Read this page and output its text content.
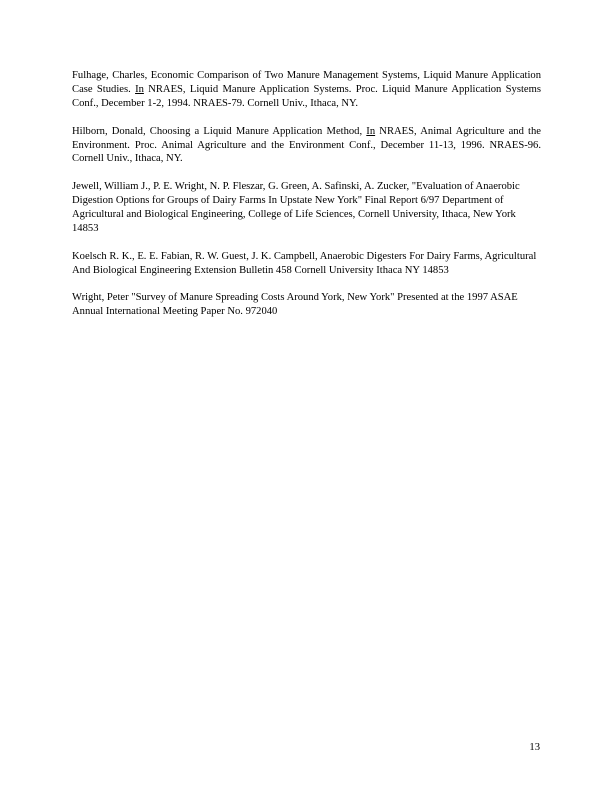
Fulhage, Charles, Economic Comparison of Two Manure Management Systems, Liquid Manure Application Case Studies. In NRAES, Liquid Manure Application Systems. Proc. Liquid Manure Application Systems Conf., December 1-2, 1994. NRAES-79. Cornell Univ., Ithaca, NY.

Hilborn, Donald, Choosing a Liquid Manure Application Method, In NRAES, Animal Agriculture and the Environment. Proc. Animal Agriculture and the Environment Conf., December 11-13, 1996. NRAES-96. Cornell Univ., Ithaca, NY.

Jewell, William J., P. E. Wright, N. P. Fleszar, G. Green, A. Safinski, A. Zucker, "Evaluation of Anaerobic Digestion Options for Groups of Dairy Farms In Upstate New York" Final Report 6/97 Department of Agricultural and Biological Engineering, College of Life Sciences, Cornell University, Ithaca, New York 14853

Koelsch R. K., E. E. Fabian, R. W. Guest, J. K. Campbell, Anaerobic Digesters For Dairy Farms, Agricultural And Biological Engineering Extension Bulletin 458 Cornell University Ithaca NY 14853

Wright, Peter "Survey of Manure Spreading Costs Around York, New York" Presented at the 1997 ASAE Annual International Meeting Paper No. 972040

13
